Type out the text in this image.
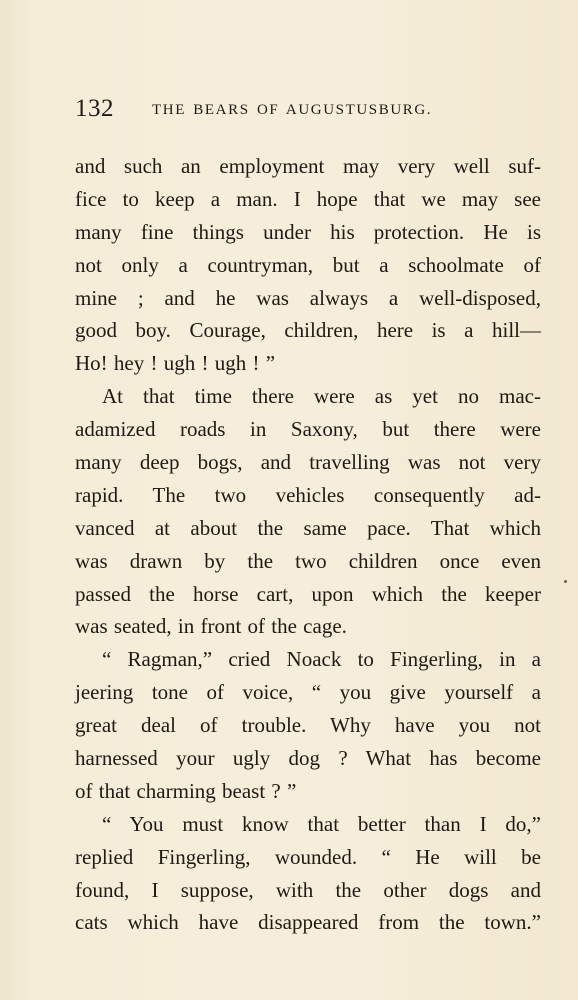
132	THE BEARS OF AUGUSTUSBURG.
and such an employment may very well suf-
fice to keep a man. I hope that we may see
many fine things under his protection. He is
not only a countryman, but a schoolmate of
mine ; and he was always a well-disposed,
good boy. Courage, children, here is a hill—
Ho! hey ! ugh ! ugh ! ”
At that time there were as yet no mac-
adamized roads in Saxony, but there were
many deep bogs, and travelling was not very
rapid. The two vehicles consequently ad-
vanced at about the same pace. That which
was drawn by the two children once even
passed the horse cart, upon which the keeper
was seated, in front of the cage.
“ Ragman,” cried Noack to Fingerling, in a
jeering tone of voice, “ you give yourself a
great deal of trouble. Why have you not
harnessed your ugly dog ? What has become
of that charming beast ? ”
“ You must know that better than I do,”
replied Fingerling, wounded. “ He will be
found, I suppose, with the other dogs and
cats which have disappeared from the town.”
